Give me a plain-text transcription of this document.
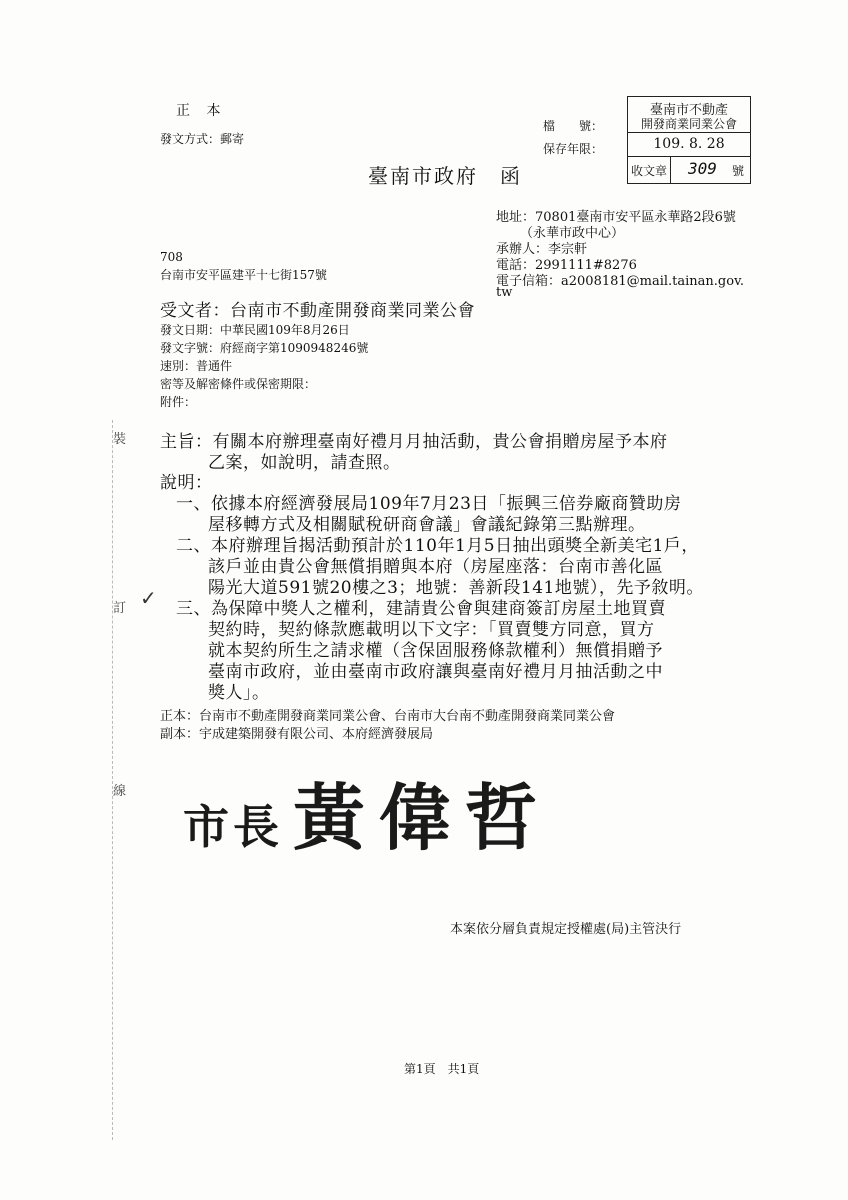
正 本
發文方式：郵寄
檔　　號：
保存年限：
臺南市政府　函
臺南市不動產
開發商業同業公會
109. 8. 28
收文章 309 號
地址：70801臺南市安平區永華路2段6號
（永華市政中心）
承辦人：李宗軒
電話：2991111#8276
電子信箱：a2008181@mail.tainan.gov.
tw
708
台南市安平區建平十七街157號
受文者：台南市不動產開發商業同業公會
發文日期：中華民國109年8月26日
發文字號：府經商字第1090948246號
速別：普通件
密等及解密條件或保密期限：
附件：
主旨：有關本府辦理臺南好禮月月抽活動，貴公會捐贈房屋予本府
乙案，如說明，請查照。
說明：
一、依據本府經濟發展局109年7月23日「振興三倍券廠商贊助房
屋移轉方式及相關賦稅研商會議」會議紀錄第三點辦理。
二、本府辦理旨揭活動預計於110年1月5日抽出頭獎全新美宅1戶，
該戶並由貴公會無償捐贈與本府（房屋座落：台南市善化區
陽光大道591號20樓之3；地號：善新段141地號），先予敘明。
三、為保障中獎人之權利，建請貴公會與建商簽訂房屋土地買賣
契約時，契約條款應載明以下文字：「買賣雙方同意，買方
就本契約所生之請求權（含保固服務條款權利）無償捐贈予
臺南市政府，並由臺南市政府讓與臺南好禮月月抽活動之中
獎人」。
✓
正本：台南市不動產開發商業同業公會、台南市大台南不動產開發商業同業公會
副本：宇成建築開發有限公司、本府經濟發展局
市長 黃偉哲
本案依分層負責規定授權處(局)主管決行
裝
訂
線
第1頁　共1頁
